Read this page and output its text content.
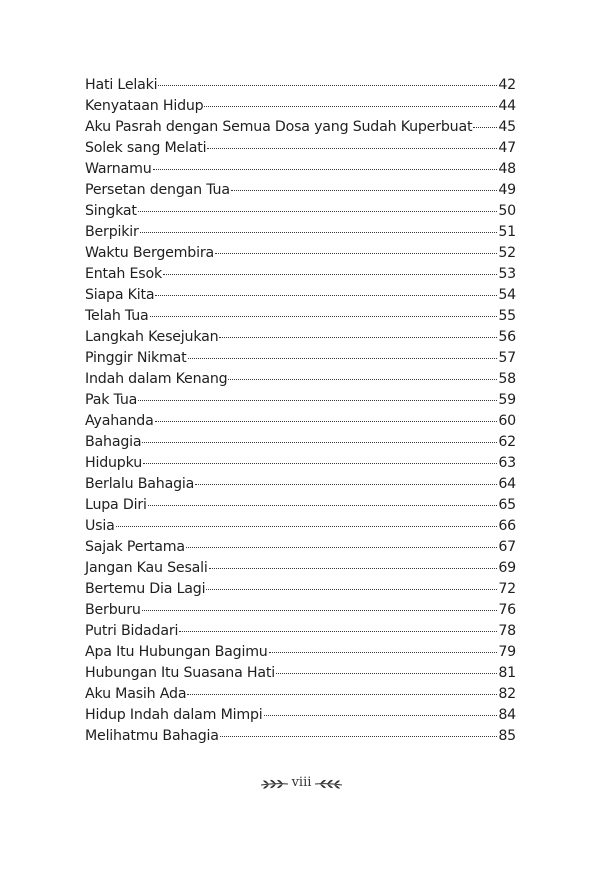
Hati Lelaki	42
Kenyataan Hidup	44
Aku Pasrah dengan Semua Dosa yang Sudah Kuperbuat 45
Solek sang Melati	47
Warnamu	48
Persetan dengan Tua	49
Singkat	50
Berpikir	51
Waktu Bergembira	52
Entah Esok	53
Siapa Kita	54
Telah Tua	55
Langkah Kesejukan	56
Pinggir Nikmat	57
Indah dalam Kenang	58
Pak Tua	59
Ayahanda	60
Bahagia	62
Hidupku	63
Berlalu Bahagia	64
Lupa Diri	65
Usia	66
Sajak Pertama	67
Jangan Kau Sesali	69
Bertemu Dia Lagi	72
Berburu	76
Putri Bidadari	78
Apa Itu Hubungan Bagimu	79
Hubungan Itu Suasana Hati	81
Aku Masih Ada	82
Hidup Indah dalam Mimpi	84
Melihatmu Bahagia	85
viii
